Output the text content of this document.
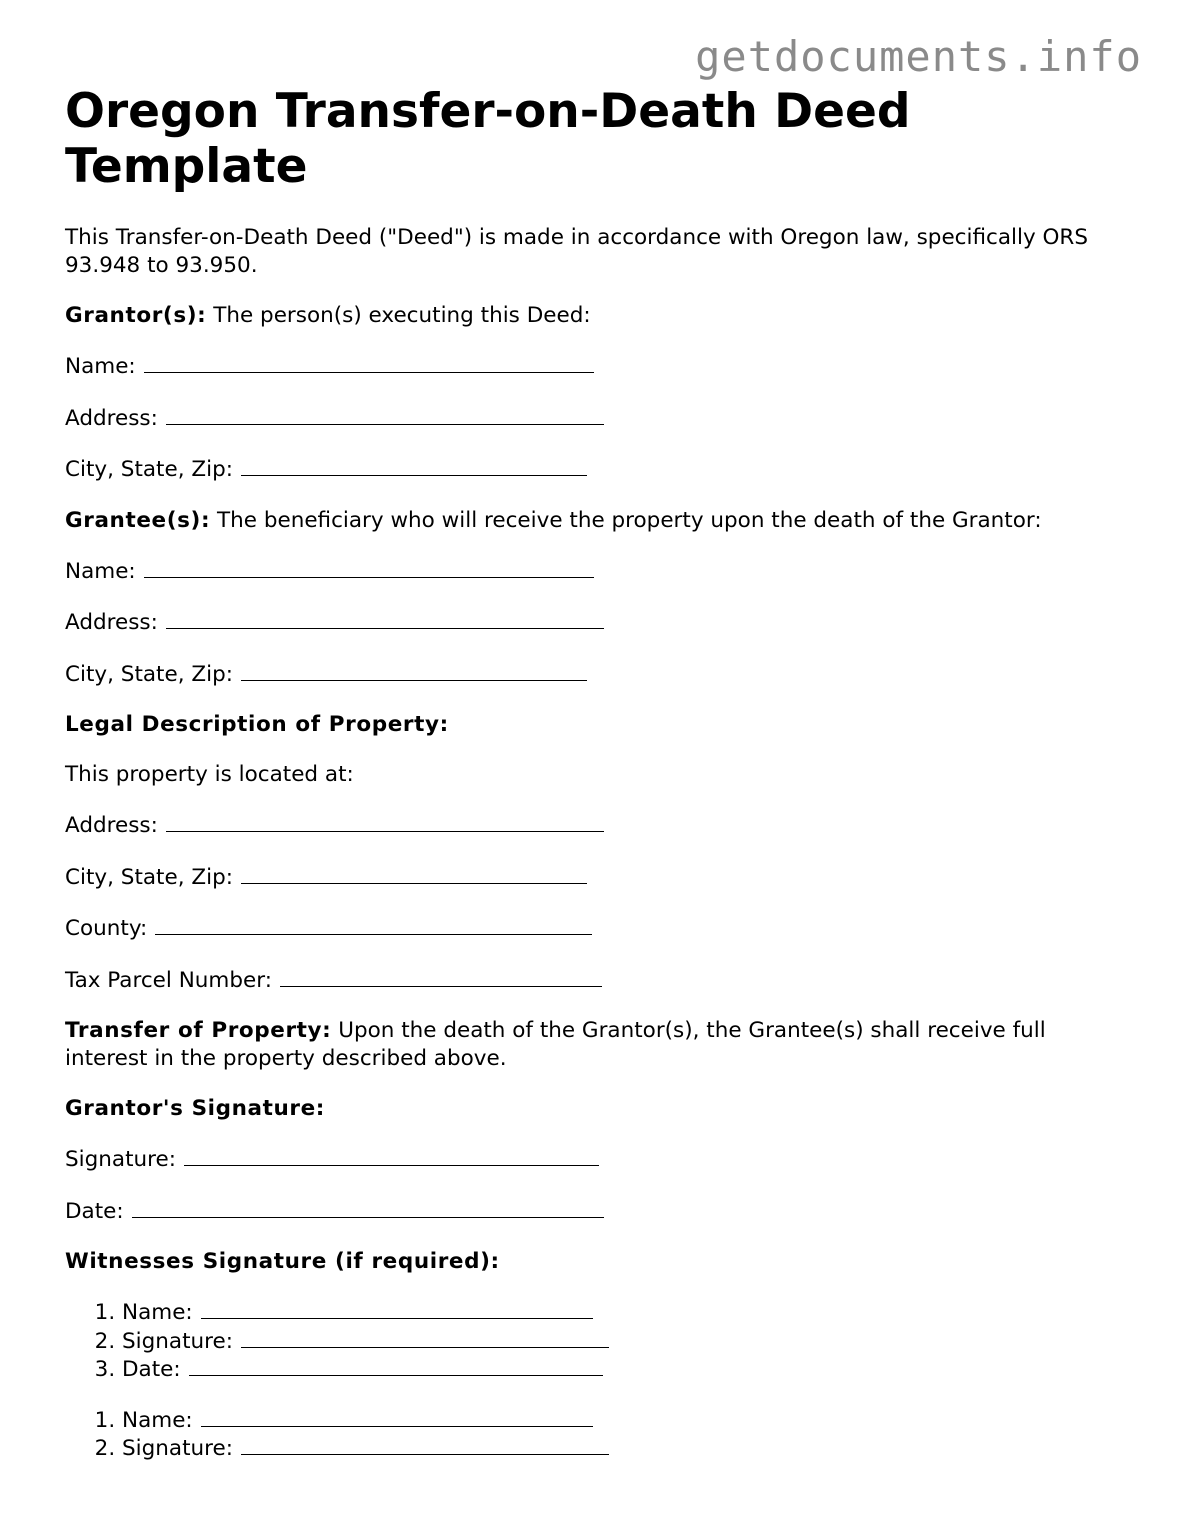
getdocuments.info
Oregon Transfer-on-Death Deed Template

This Transfer-on-Death Deed ("Deed") is made in accordance with Oregon law, specifically ORS 93.948 to 93.950.

Grantor(s): The person(s) executing this Deed:

Name:
Address:
City, State, Zip:

Grantee(s): The beneficiary who will receive the property upon the death of the Grantor:

Name:
Address:
City, State, Zip:

Legal Description of Property:

This property is located at:

Address:
City, State, Zip:
County:
Tax Parcel Number:

Transfer of Property: Upon the death of the Grantor(s), the Grantee(s) shall receive full interest in the property described above.

Grantor's Signature:

Signature:
Date:

Witnesses Signature (if required):

1. Name:
2. Signature:
3. Date:
1. Name:
2. Signature:
